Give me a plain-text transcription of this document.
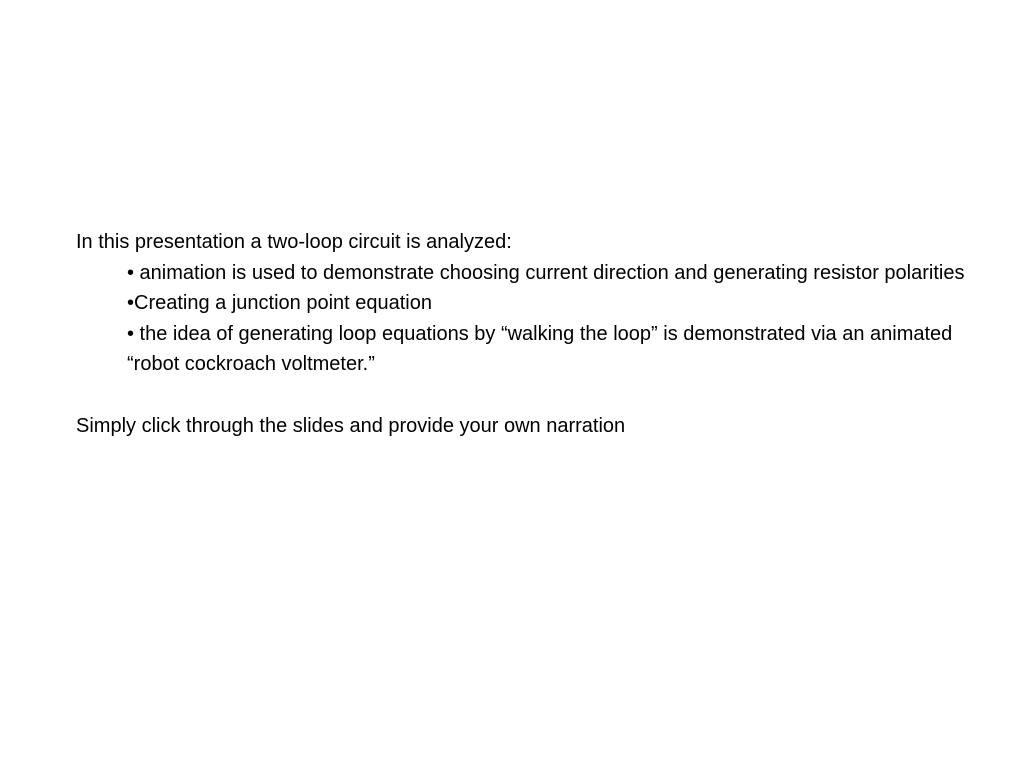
In this presentation a two-loop circuit is analyzed:

• animation is used to demonstrate choosing current direction and generating resistor polarities
•Creating a junction point equation
• the idea of generating loop equations by “walking the loop” is demonstrated via an animated “robot cockroach voltmeter.”

Simply click through the slides and provide your own narration
